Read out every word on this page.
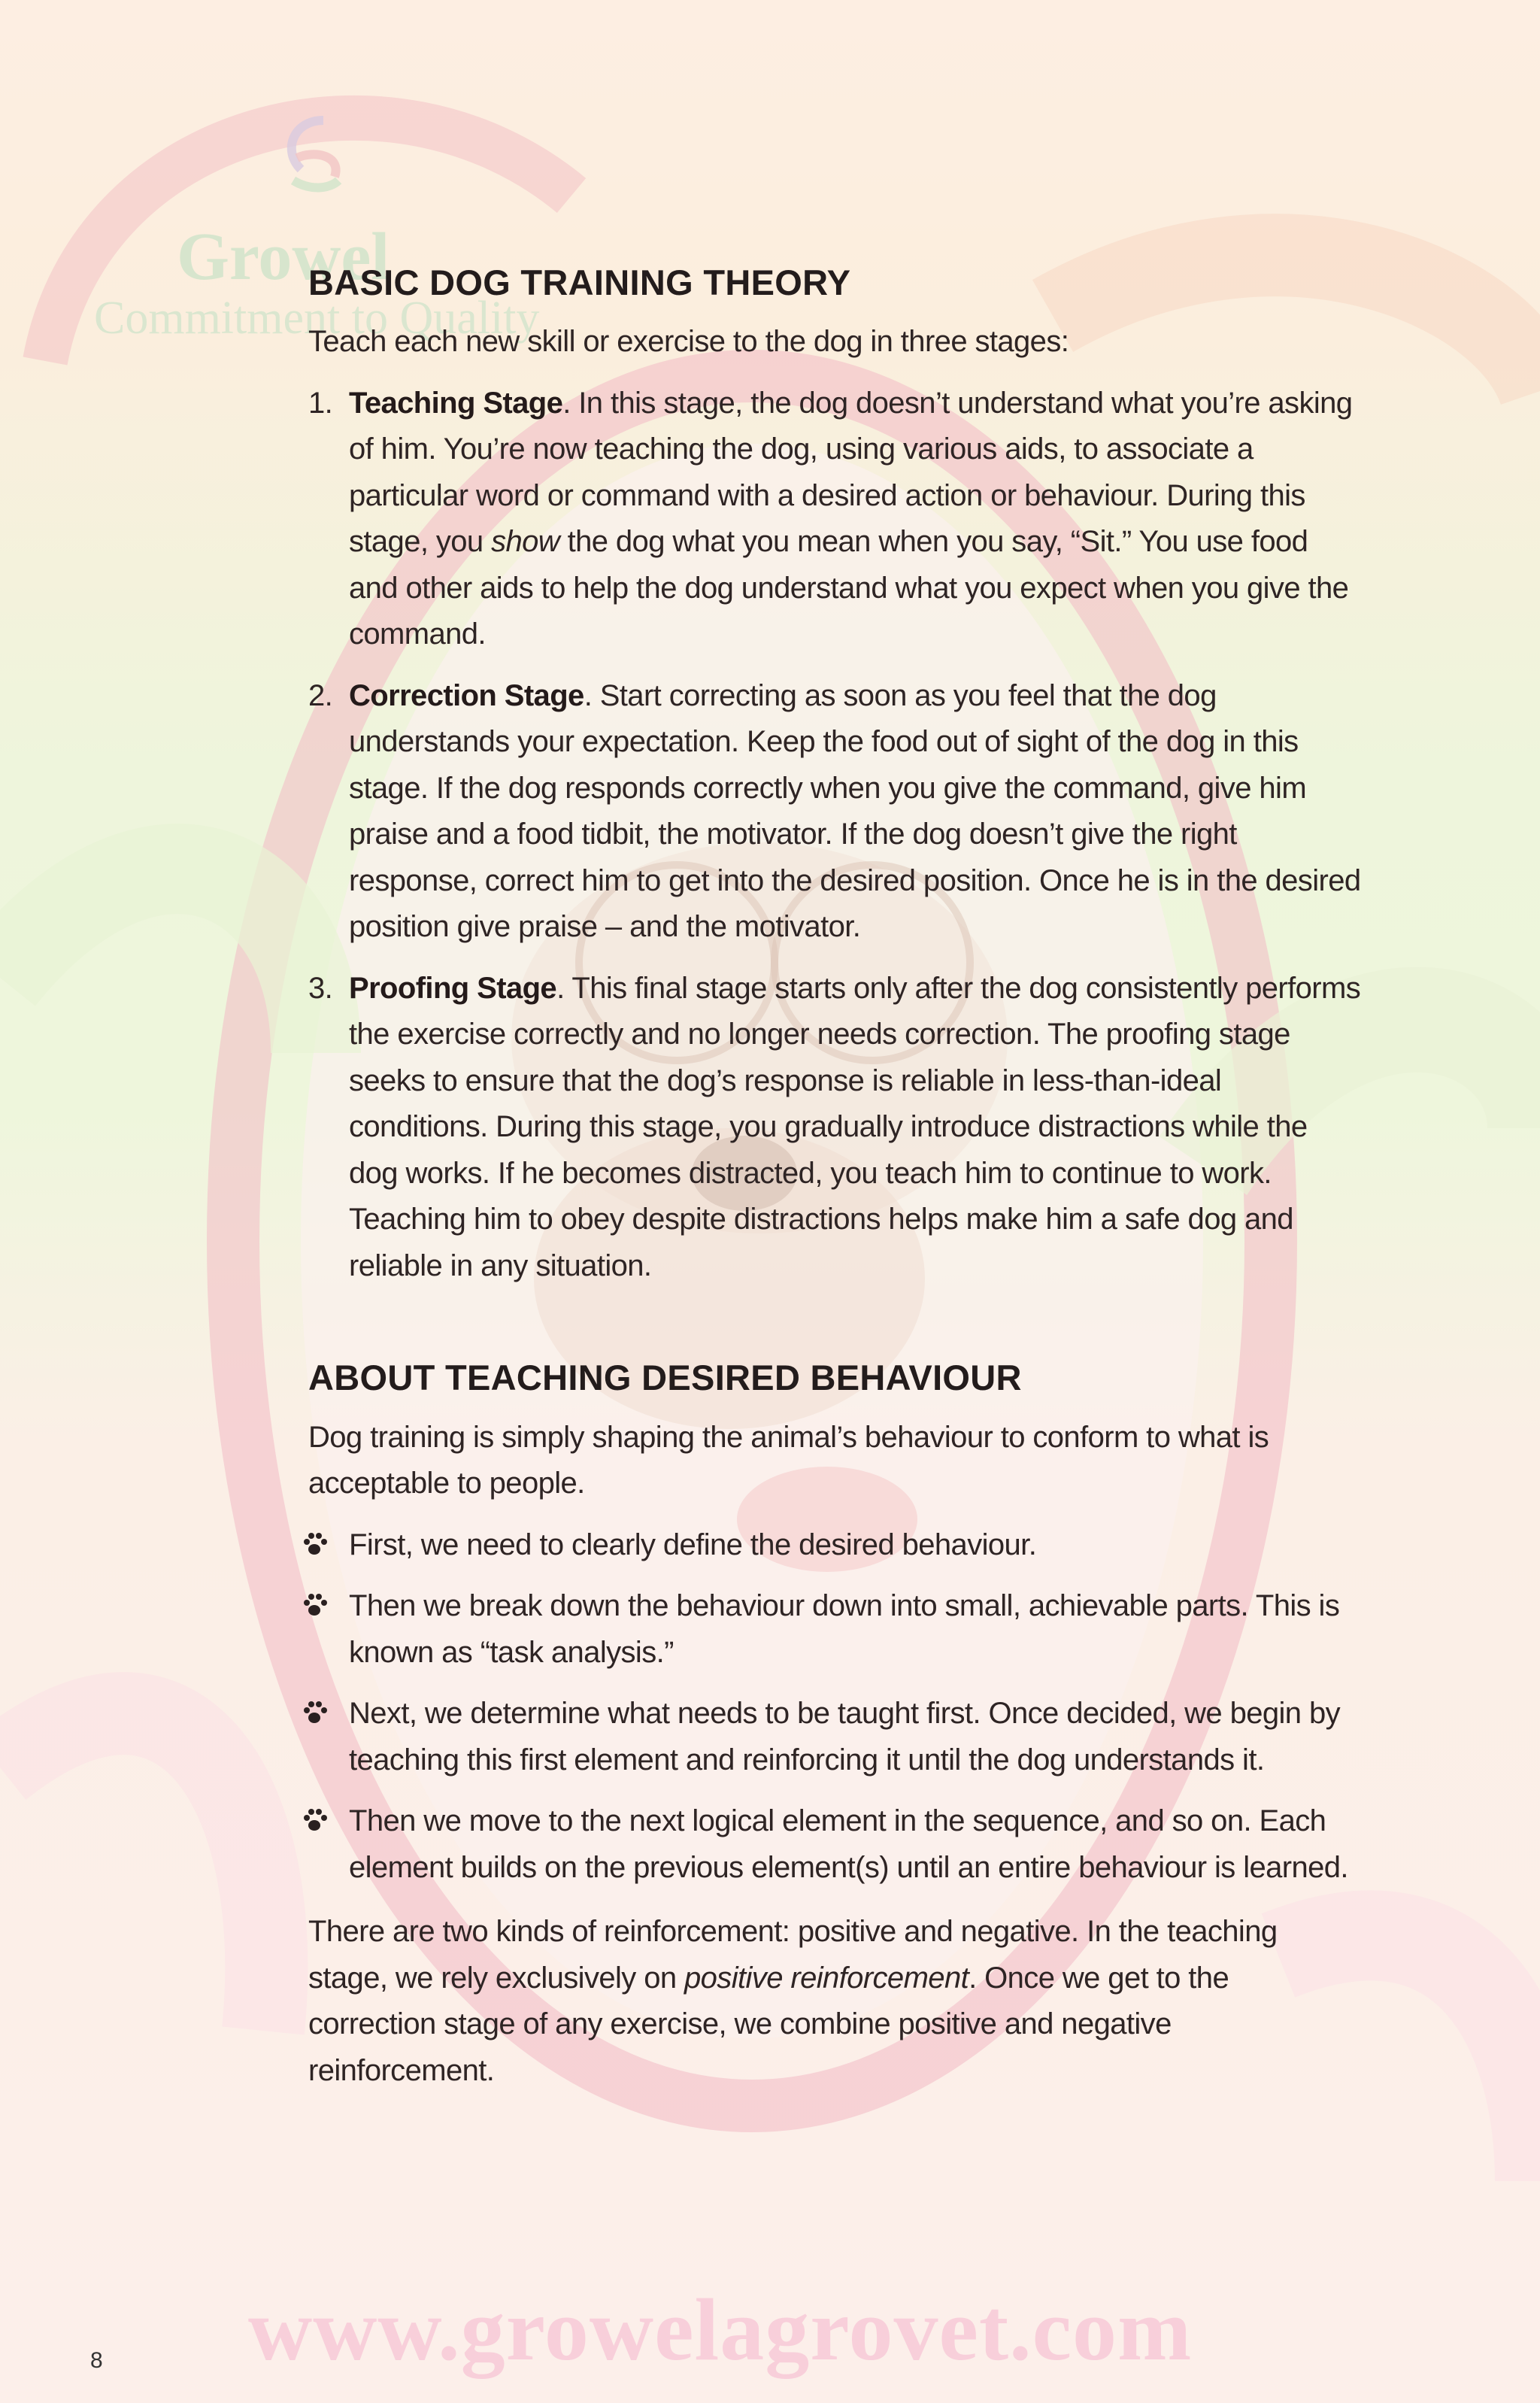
Growel
Commitment to Quality
www.growelagrovet.com
BASIC DOG TRAINING THEORY

Teach each new skill or exercise to the dog in three stages:

1. Teaching Stage. In this stage, the dog doesn’t understand what you’re asking of him. You’re now teaching the dog, using various aids, to associate a particular word or command with a desired action or behaviour. During this stage, you show the dog what you mean when you say, “Sit.” You use food and other aids to help the dog understand what you expect when you give the command.
2. Correction Stage. Start correcting as soon as you feel that the dog understands your expectation. Keep the food out of sight of the dog in this stage. If the dog responds correctly when you give the command, give him praise and a food tidbit, the motivator. If the dog doesn’t give the right response, correct him to get into the desired position. Once he is in the desired position give praise – and the motivator.
3. Proofing Stage. This final stage starts only after the dog consistently performs the exercise correctly and no longer needs correction. The proofing stage seeks to ensure that the dog’s response is reliable in less-than-ideal conditions. During this stage, you gradually introduce distractions while the dog works. If he becomes distracted, you teach him to continue to work. Teaching him to obey despite distractions helps make him a safe dog and reliable in any situation.
ABOUT TEACHING DESIRED BEHAVIOUR

Dog training is simply shaping the animal’s behaviour to conform to what is acceptable to people.

First, we need to clearly define the desired behaviour.
Then we break down the behaviour down into small, achievable parts. This is known as “task analysis.”
Next, we determine what needs to be taught first. Once decided, we begin by teaching this first element and reinforcing it until the dog understands it.
Then we move to the next logical element in the sequence, and so on. Each element builds on the previous element(s) until an entire behaviour is learned.

There are two kinds of reinforcement: positive and negative. In the teaching stage, we rely exclusively on positive reinforcement. Once we get to the correction stage of any exercise, we combine positive and negative reinforcement.

8
